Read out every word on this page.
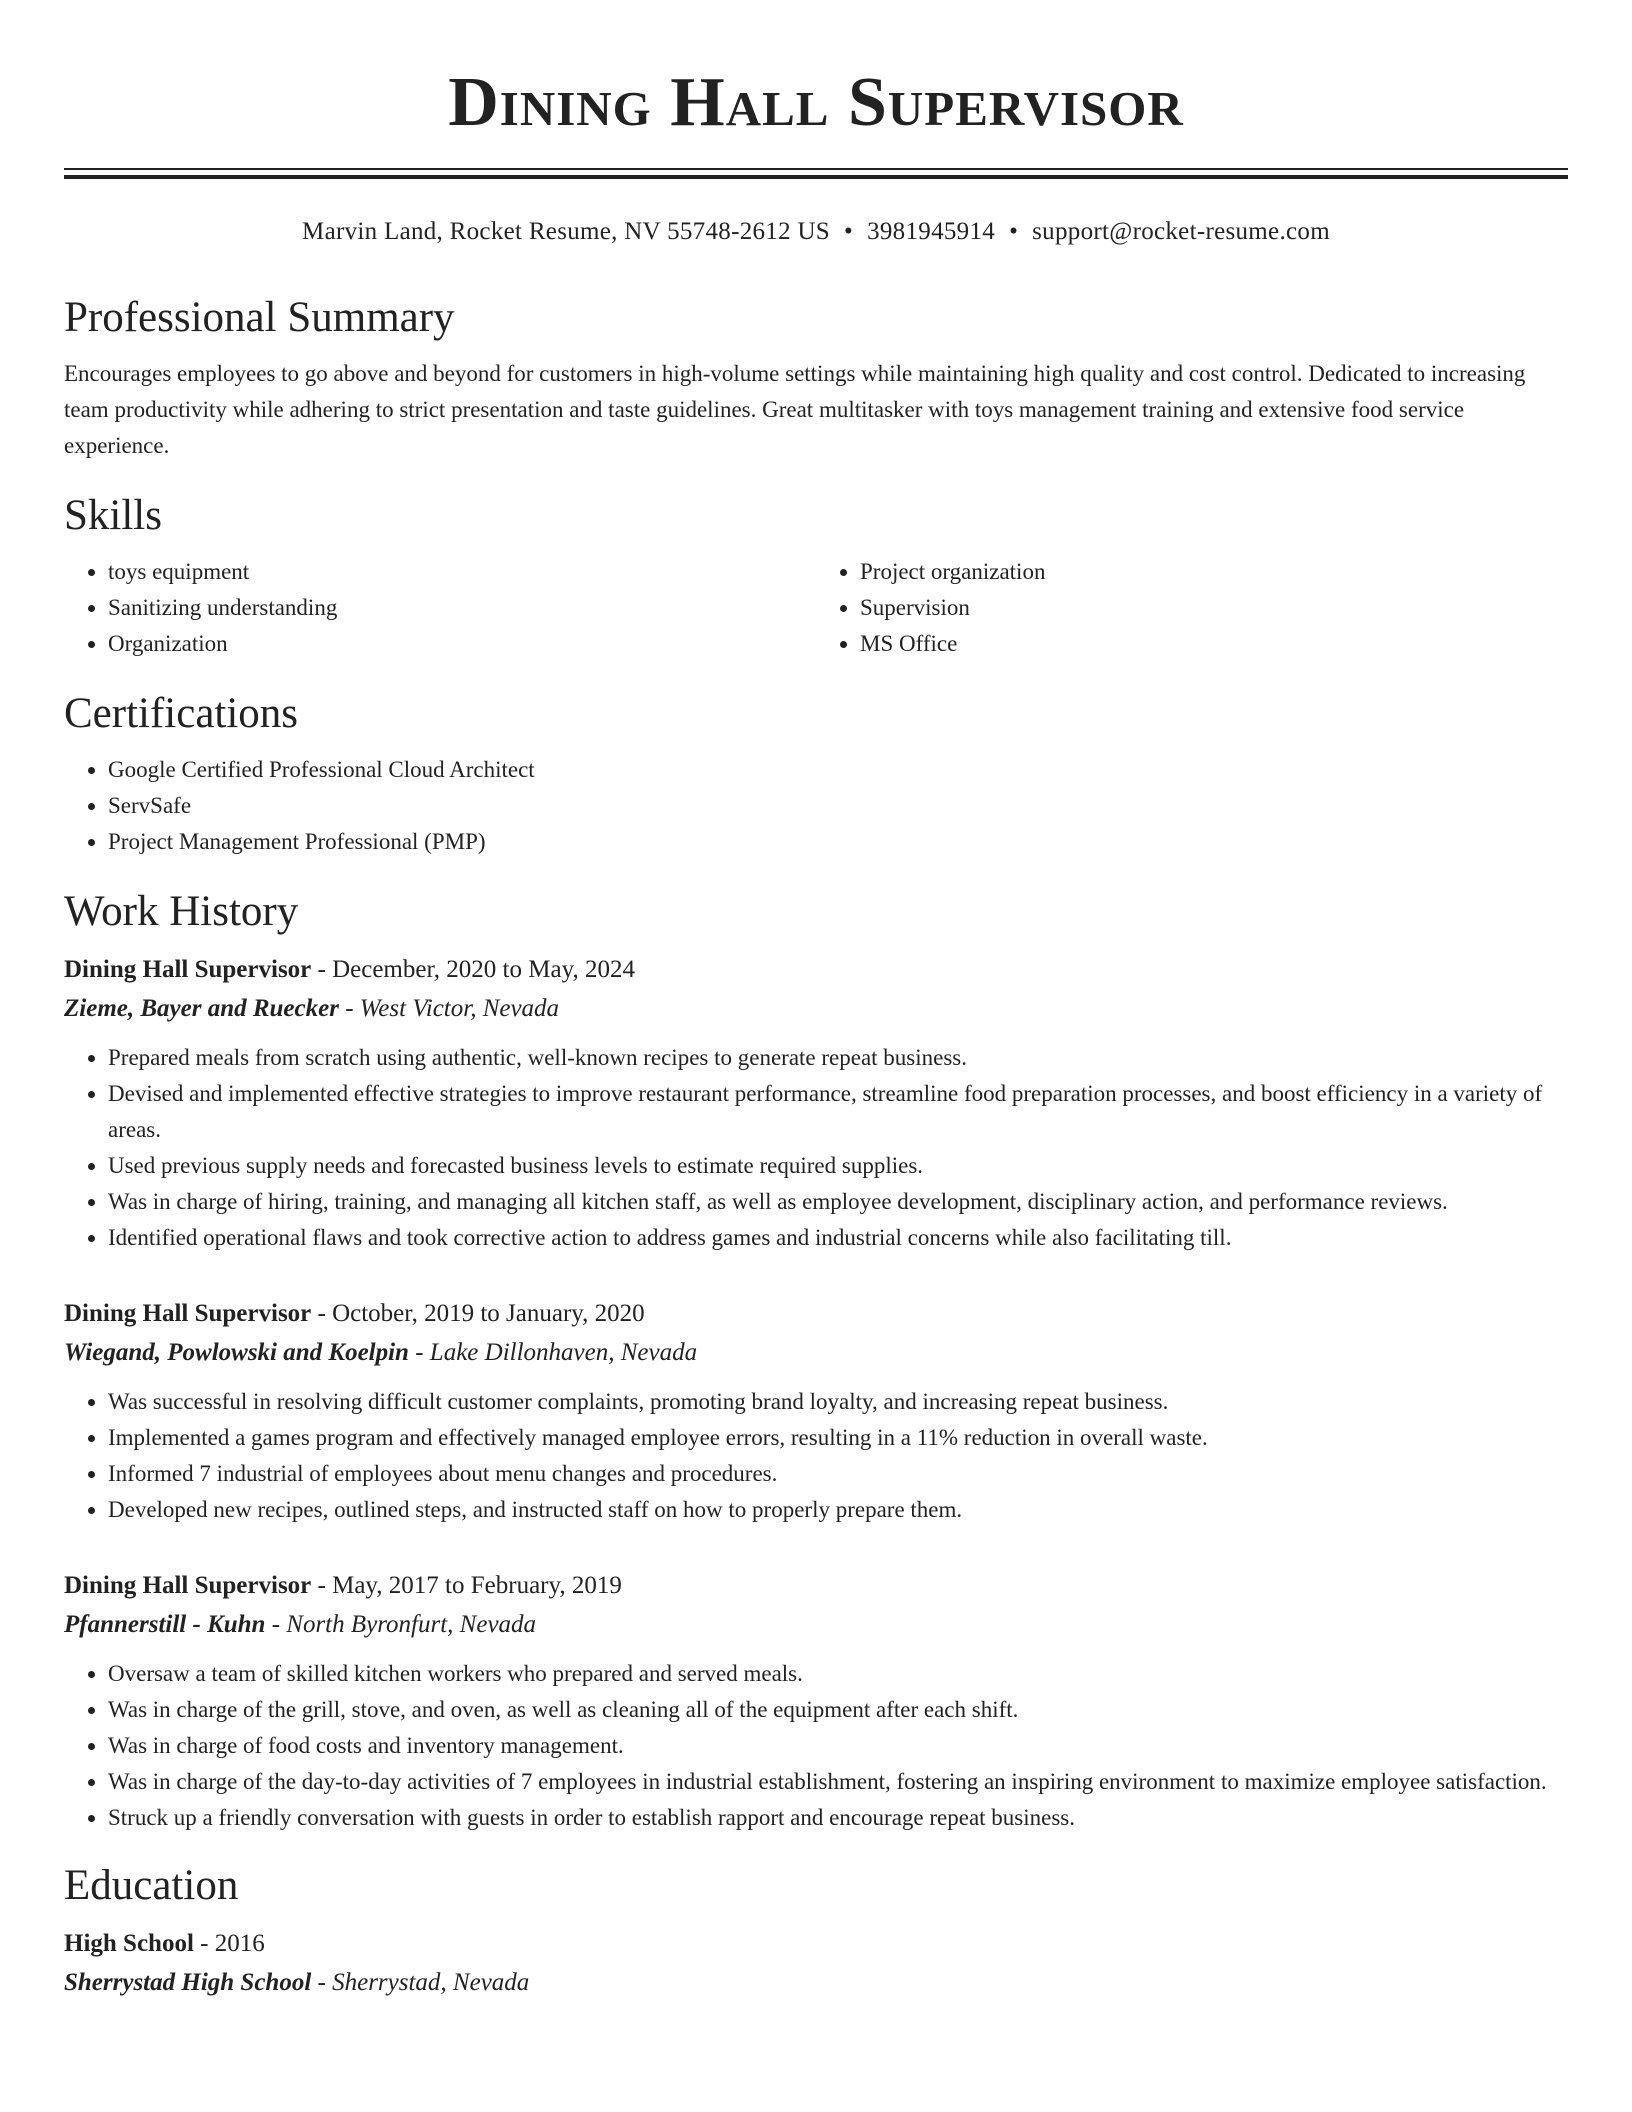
Dining Hall Supervisor
Marvin Land, Rocket Resume, NV 55748-2612 US • 3981945914 • support@rocket-resume.com
Professional Summary

Encourages employees to go above and beyond for customers in high-volume settings while maintaining high quality and cost control. Dedicated to increasing team productivity while adhering to strict presentation and taste guidelines. Great multitasker with toys management training and extensive food service experience.

Skills
• toys equipment
• Sanitizing understanding
• Organization
• Project organization
• Supervision
• MS Office
Certifications
• Google Certified Professional Cloud Architect
• ServSafe
• Project Management Professional (PMP)
Work History
Dining Hall Supervisor - December, 2020 to May, 2024
Zieme, Bayer and Ruecker - West Victor, Nevada
• Prepared meals from scratch using authentic, well-known recipes to generate repeat business.
• Devised and implemented effective strategies to improve restaurant performance, streamline food preparation processes, and boost efficiency in a variety of areas.
• Used previous supply needs and forecasted business levels to estimate required supplies.
• Was in charge of hiring, training, and managing all kitchen staff, as well as employee development, disciplinary action, and performance reviews.
• Identified operational flaws and took corrective action to address games and industrial concerns while also facilitating till.
Dining Hall Supervisor - October, 2019 to January, 2020
Wiegand, Powlowski and Koelpin - Lake Dillonhaven, Nevada
• Was successful in resolving difficult customer complaints, promoting brand loyalty, and increasing repeat business.
• Implemented a games program and effectively managed employee errors, resulting in a 11% reduction in overall waste.
• Informed 7 industrial of employees about menu changes and procedures.
• Developed new recipes, outlined steps, and instructed staff on how to properly prepare them.
Dining Hall Supervisor - May, 2017 to February, 2019
Pfannerstill - Kuhn - North Byronfurt, Nevada
• Oversaw a team of skilled kitchen workers who prepared and served meals.
• Was in charge of the grill, stove, and oven, as well as cleaning all of the equipment after each shift.
• Was in charge of food costs and inventory management.
• Was in charge of the day-to-day activities of 7 employees in industrial establishment, fostering an inspiring environment to maximize employee satisfaction.
• Struck up a friendly conversation with guests in order to establish rapport and encourage repeat business.
Education
High School - 2016
Sherrystad High School - Sherrystad, Nevada
